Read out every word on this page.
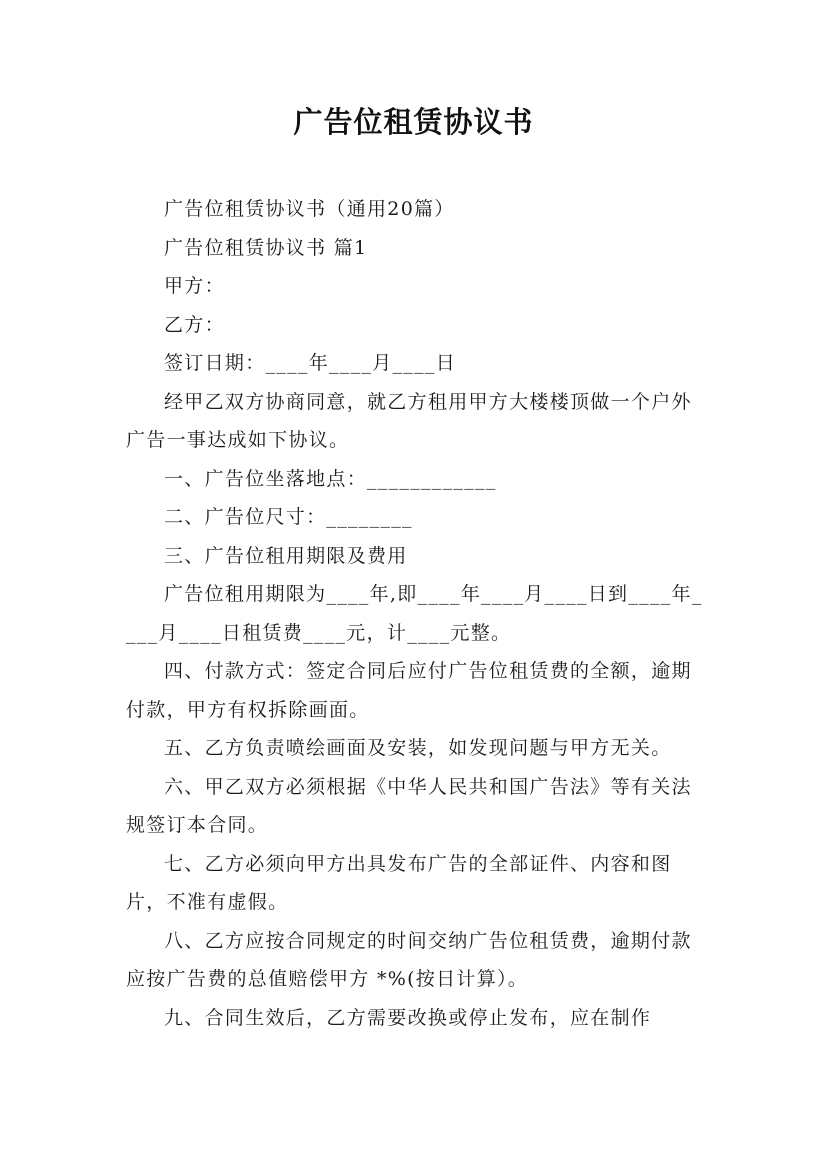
广告位租赁协议书

广告位租赁协议书（通用20篇）

广告位租赁协议书 篇1

甲方：

乙方：

签订日期：____年____月____日

经甲乙双方协商同意，就乙方租用甲方大楼楼顶做一个户外广告一事达成如下协议。

一、广告位坐落地点：____________

二、广告位尺寸：________

三、广告位租用期限及费用

广告位租用期限为____年,即____年____月____日到____年____月____日租赁费____元，计____元整。

四、付款方式：签定合同后应付广告位租赁费的全额，逾期付款，甲方有权拆除画面。

五、乙方负责喷绘画面及安装，如发现问题与甲方无关。

六、甲乙双方必须根据《中华人民共和国广告法》等有关法规签订本合同。

七、乙方必须向甲方出具发布广告的全部证件、内容和图片，不准有虚假。

八、乙方应按合同规定的时间交纳广告位租赁费，逾期付款应按广告费的总值赔偿甲方 *%(按日计算）。

九、合同生效后，乙方需要改换或停止发布，应在制作
